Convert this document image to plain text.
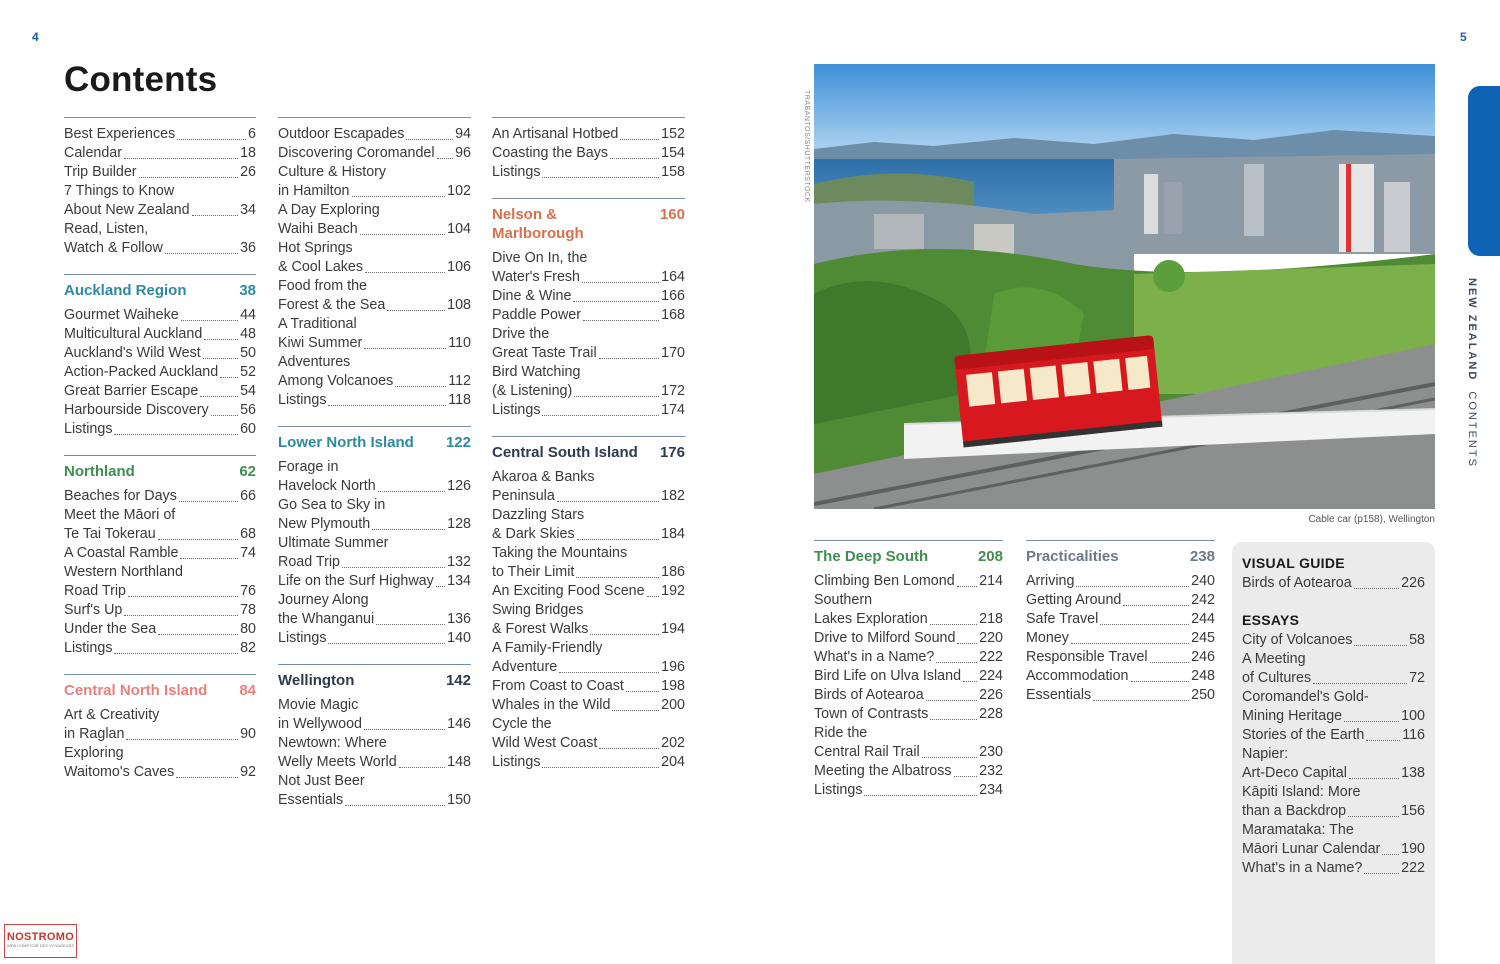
4	5
Contents
Best Experiences	6
Calendar	18
Trip Builder	26
7 Things to Know
About New Zealand	34
Read, Listen,
Watch & Follow	36
Auckland Region	38
Gourmet Waiheke	44
Multicultural Auckland	48
Auckland's Wild West	50
Action-Packed Auckland 52
Great Barrier Escape	54
Harbourside Discovery 56
Listings	60
Northland	62
Beaches for Days	66
Meet the Māori of
Te Tai Tokerau	68
A Coastal Ramble	74
Western Northland
Road Trip	76
Surf's Up	78
Under the Sea	80
Listings	82
Central North Island 84
Art & Creativity
in Raglan	90
Exploring
Waitomo's Caves	92
Outdoor Escapades	94
Discovering Coromandel 96
Culture & History
in Hamilton	102
A Day Exploring
Waihi Beach	104
Hot Springs
& Cool Lakes	106
Food from the
Forest & the Sea	108
A Traditional
Kiwi Summer	110
Adventures
Among Volcanoes	112
Listings	118
Lower North Island 122
Forage in
Havelock North	126
Go Sea to Sky in
New Plymouth	128
Ultimate Summer
Road Trip	132
Life on the Surf Highway 134
Journey Along
the Whanganui	136
Listings	140
Wellington	142
Movie Magic
in Wellywood	146
Newtown: Where
Welly Meets World	148
Not Just Beer
Essentials	150
An Artisanal Hotbed	152
Coasting the Bays	154
Listings	158
Nelson &
Marlborough
160
Dive On In, the
Water's Fresh	164
Dine & Wine	166
Paddle Power	168
Drive the
Great Taste Trail	170
Bird Watching
(& Listening)	172
Listings	174
Central South Island 176
Akaroa & Banks
Peninsula	182
Dazzling Stars
& Dark Skies	184
Taking the Mountains
to Their Limit	186
An Exciting Food Scene 192
Swing Bridges
& Forest Walks	194
A Family-Friendly
Adventure	196
From Coast to Coast	198
Whales in the Wild	200
Cycle the
Wild West Coast	202
Listings	204
The Deep South	208
Climbing Ben Lomond 214
Southern
Lakes Exploration	218
Drive to Milford Sound 220
What's in a Name?	222
Bird Life on Ulva Island 224
Birds of Aotearoa	226
Town of Contrasts	228
Ride the
Central Rail Trail	230
Meeting the Albatross 232
Listings	234
Practicalities	238
Arriving	240
Getting Around	242
Safe Travel	244
Money	245
Responsible Travel	246
Accommodation	248
Essentials	250
TRABANTOS/SHUTTERSTOCK
Cable car (p158), Wellington
VISUAL GUIDE
Birds of Aotearoa	226
ESSAYS
City of Volcanoes	58
A Meeting
of Cultures	72
Coromandel's Gold-
Mining Heritage	100
Stories of the Earth	116
Napier:
Art-Deco Capital	138
Kāpiti Island: More
than a Backdrop	156
Maramataka: The
Māori Lunar Calendar 190
What's in a Name?	222
NEW ZEALAND  CONTENTS
NOSTROMO
WEB COMPTOIR DES VOYAGEURS
